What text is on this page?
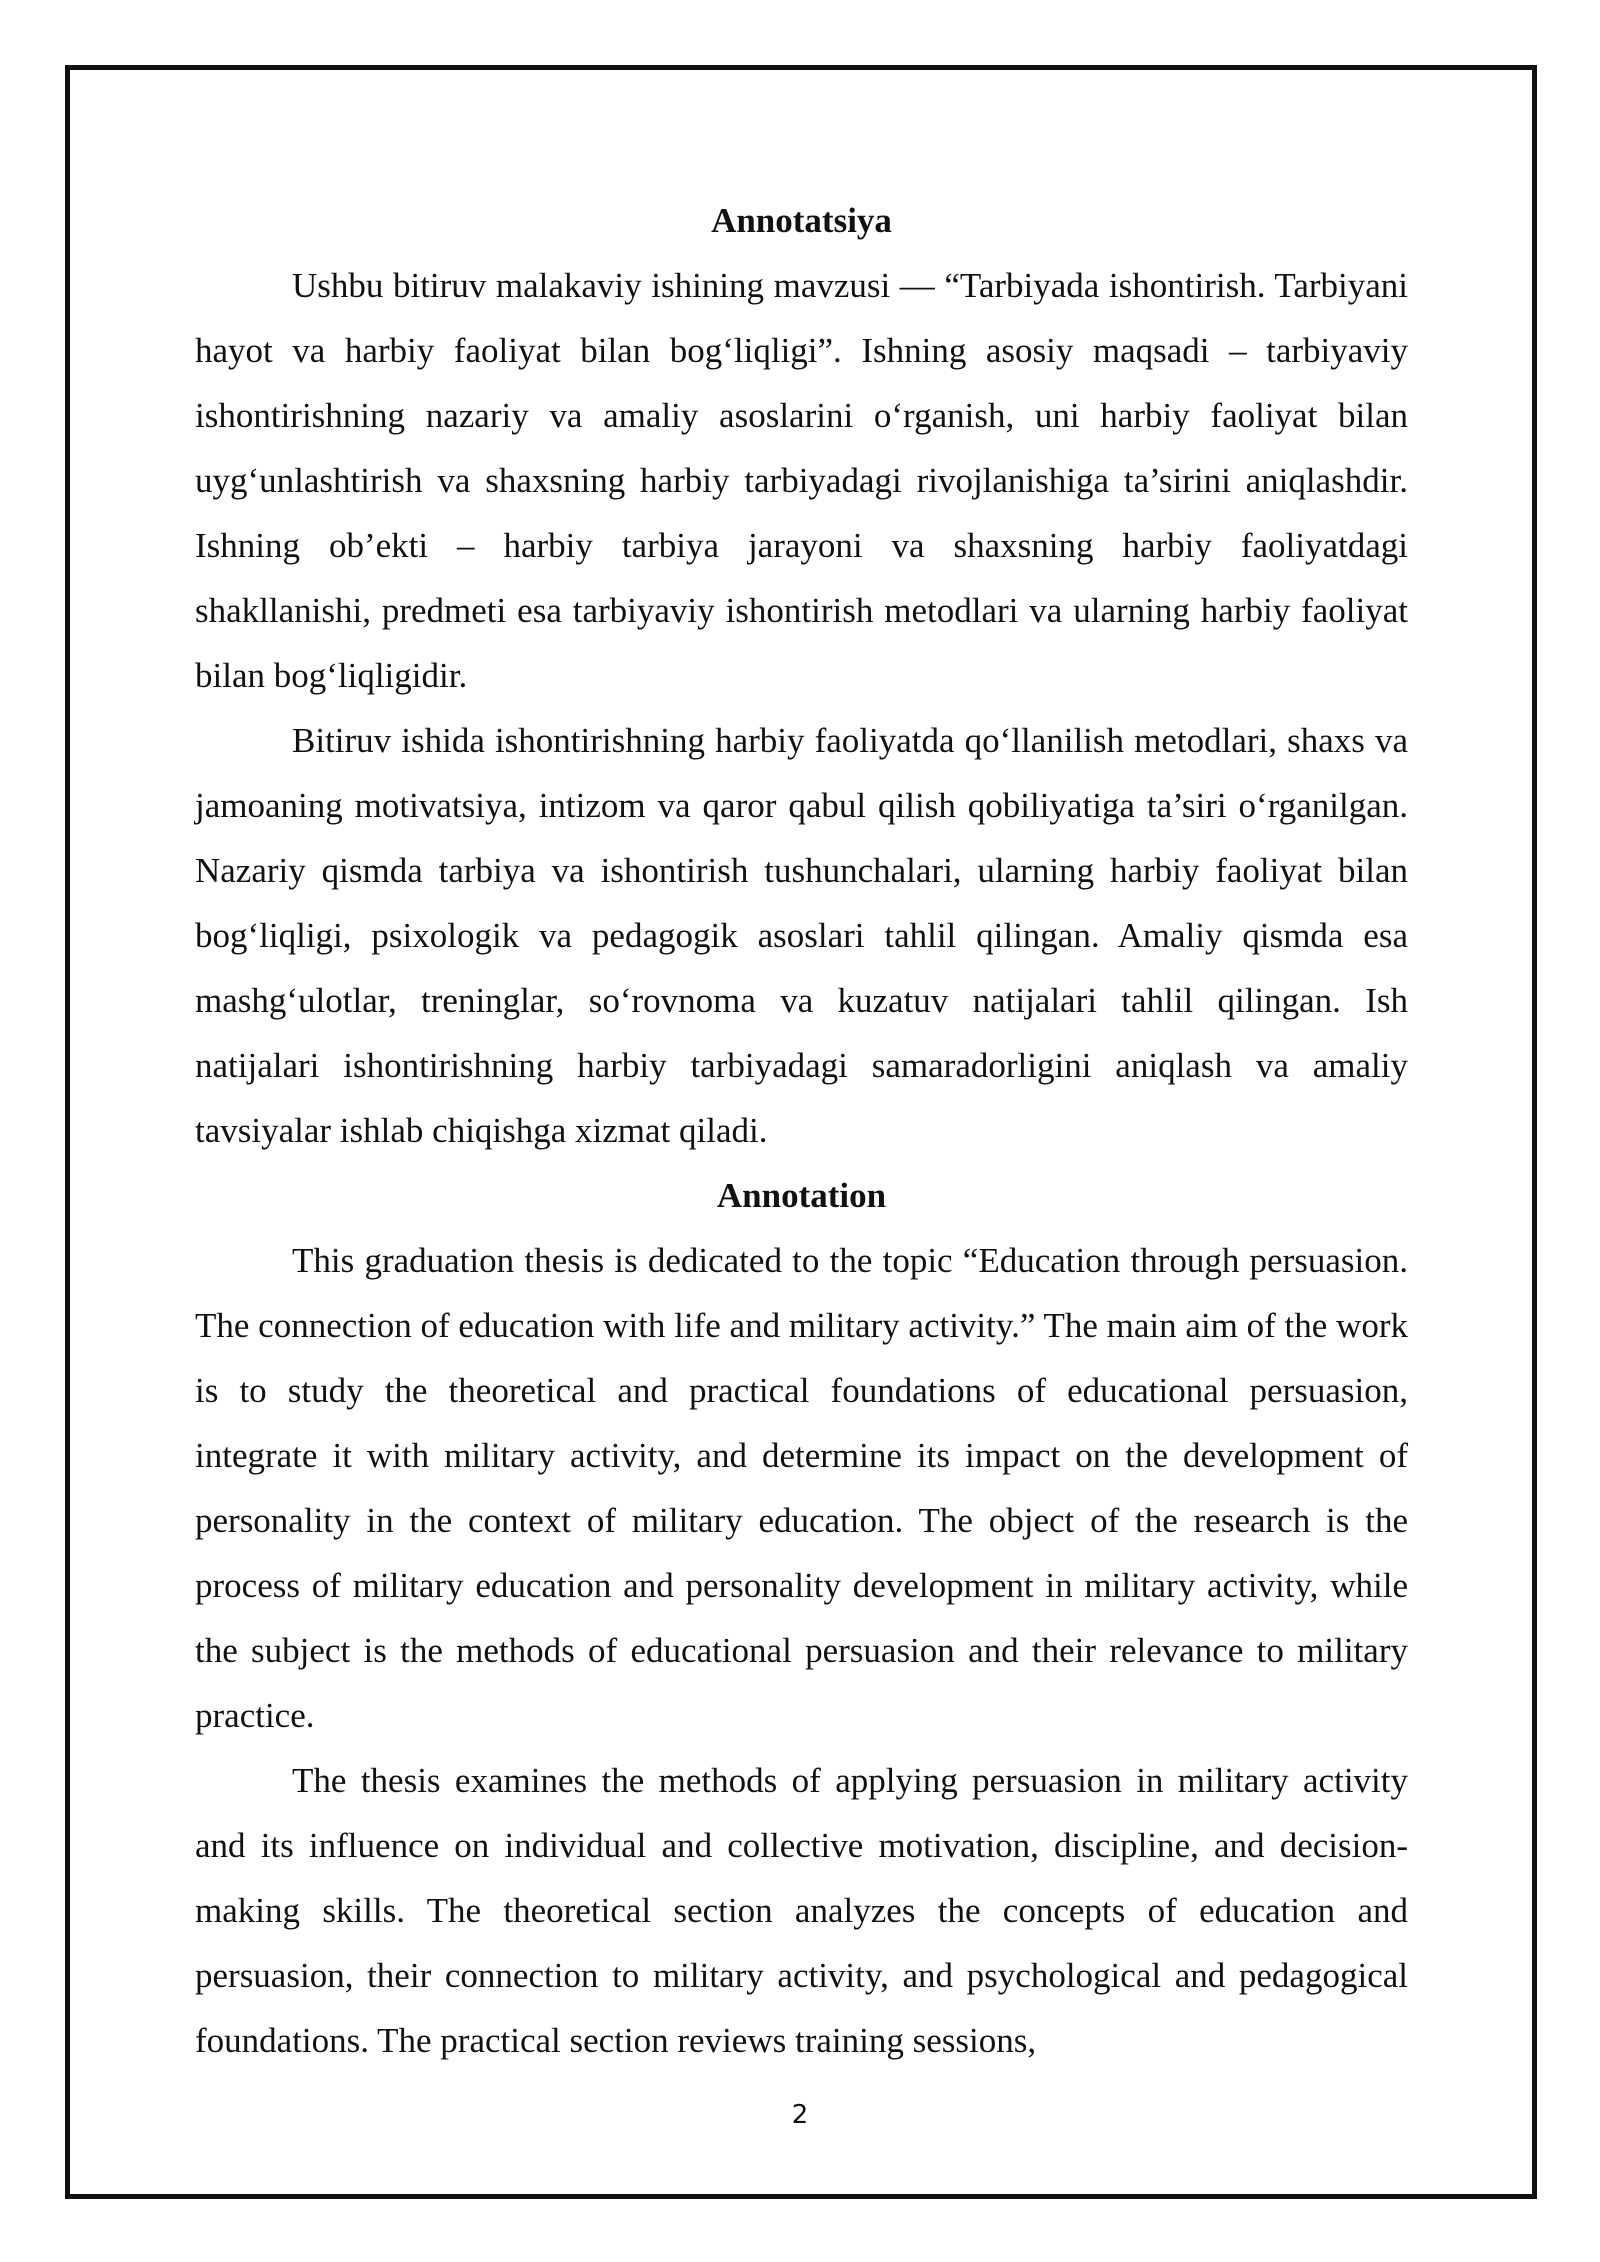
Annotatsiya

Ushbu bitiruv malakaviy ishining mavzusi — “Tarbiyada ishontirish. Tarbiyani hayot va harbiy faoliyat bilan bog‘liqligi”. Ishning asosiy maqsadi – tarbiyaviy ishontirishning nazariy va amaliy asoslarini o‘rganish, uni harbiy faoliyat bilan uyg‘unlashtirish va shaxsning harbiy tarbiyadagi rivojlanishiga ta’sirini aniqlashdir. Ishning ob’ekti – harbiy tarbiya jarayoni va shaxsning harbiy faoliyatdagi shakllanishi, predmeti esa tarbiyaviy ishontirish metodlari va ularning harbiy faoliyat bilan bog‘liqligidir.

Bitiruv ishida ishontirishning harbiy faoliyatda qo‘llanilish metodlari, shaxs va jamoaning motivatsiya, intizom va qaror qabul qilish qobiliyatiga ta’siri o‘rganilgan. Nazariy qismda tarbiya va ishontirish tushunchalari, ularning harbiy faoliyat bilan bog‘liqligi, psixologik va pedagogik asoslari tahlil qilingan. Amaliy qismda esa mashg‘ulotlar, treninglar, so‘rovnoma va kuzatuv natijalari tahlil qilingan. Ish natijalari ishontirishning harbiy tarbiyadagi samaradorligini aniqlash va amaliy tavsiyalar ishlab chiqishga xizmat qiladi.

Annotation

This graduation thesis is dedicated to the topic “Education through persuasion. The connection of education with life and military activity.” The main aim of the work is to study the theoretical and practical foundations of educational persuasion, integrate it with military activity, and determine its impact on the development of personality in the context of military education. The object of the research is the process of military education and personality development in military activity, while the subject is the methods of educational persuasion and their relevance to military practice.

The thesis examines the methods of applying persuasion in military activity and its influence on individual and collective motivation, discipline, and decision-making skills. The theoretical section analyzes the concepts of education and persuasion, their connection to military activity, and psychological and pedagogical foundations. The practical section reviews training sessions,

2
